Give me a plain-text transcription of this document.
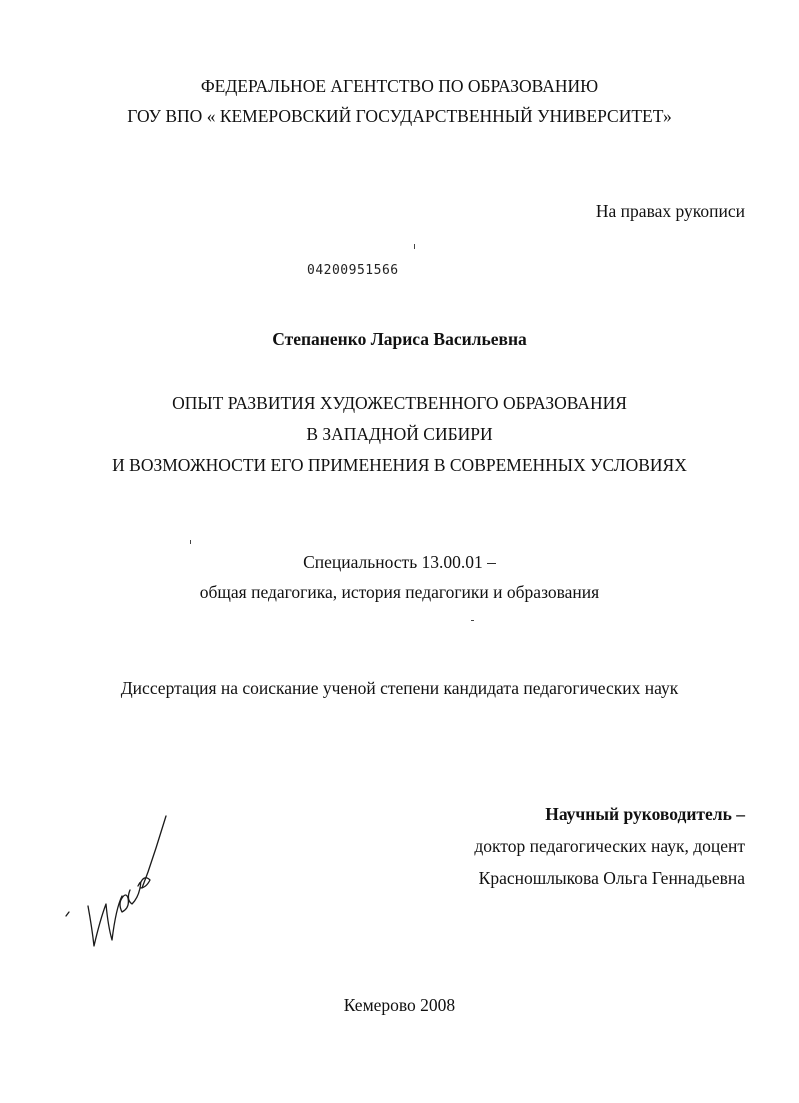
ФЕДЕРАЛЬНОЕ АГЕНТСТВО ПО ОБРАЗОВАНИЮ
ГОУ ВПО « КЕМЕРОВСКИЙ ГОСУДАРСТВЕННЫЙ УНИВЕРСИТЕТ»
На правах рукописи
04200951566
Степаненко Лариса Васильевна
ОПЫТ РАЗВИТИЯ ХУДОЖЕСТВЕННОГО ОБРАЗОВАНИЯ
В ЗАПАДНОЙ СИБИРИ
И ВОЗМОЖНОСТИ ЕГО ПРИМЕНЕНИЯ В СОВРЕМЕННЫХ УСЛОВИЯХ
Специальность 13.00.01 –
общая педагогика, история педагогики и образования
Диссертация на соискание ученой степени кандидата педагогических наук
Научный руководитель –
доктор педагогических наук, доцент
Красношлыкова Ольга Геннадьевна
Кемерово 2008
